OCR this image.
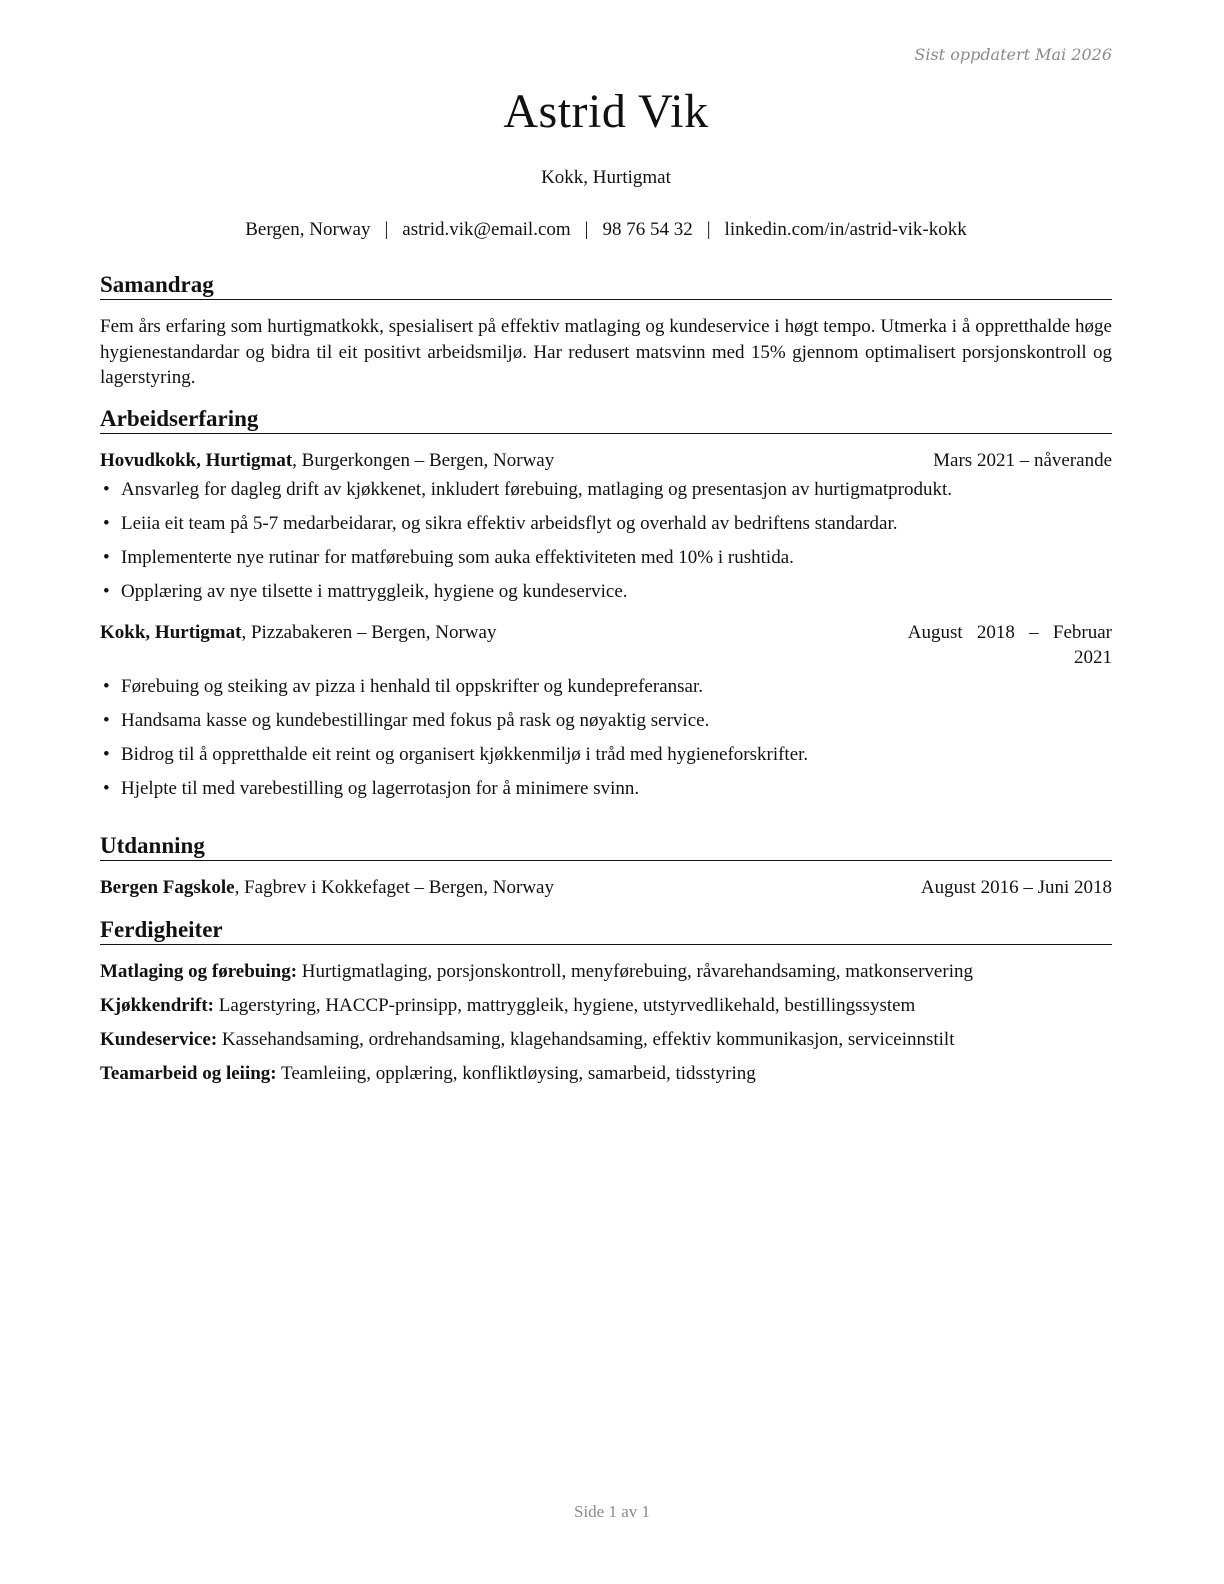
Sist oppdatert Mai 2026
Astrid Vik
Kokk, Hurtigmat
Bergen, Norway | astrid.vik@email.com | 98 76 54 32 | linkedin.com/in/astrid-vik-kokk
Samandrag
Fem års erfaring som hurtigmatkokk, spesialisert på effektiv matlaging og kundeservice i høgt tempo. Utmerka i å oppretthalde høge hygienestandardar og bidra til eit positivt arbeidsmiljø. Har redusert matsvinn med 15% gjennom optimalisert porsjonskontroll og lagerstyring.
Arbeidserfaring
Hovudkokk, Hurtigmat, Burgerkongen – Bergen, Norway	Mars 2021 – nåverande
• Ansvarleg for dagleg drift av kjøkkenet, inkludert førebuing, matlaging og presentasjon av hurtigmatprodukt.
• Leiia eit team på 5-7 medarbeidarar, og sikra effektiv arbeidsflyt og overhald av bedriftens standardar.
• Implementerte nye rutinar for matførebuing som auka effektiviteten med 10% i rushtida.
• Opplæring av nye tilsette i mattryggleik, hygiene og kundeservice.
Kokk, Hurtigmat, Pizzabakeren – Bergen, Norway	August   2018   –   Februar
2021
• Førebuing og steiking av pizza i henhald til oppskrifter og kundepreferansar.
• Handsama kasse og kundebestillingar med fokus på rask og nøyaktig service.
• Bidrog til å oppretthalde eit reint og organisert kjøkkenmiljø i tråd med hygieneforskrifter.
• Hjelpte til med varebestilling og lagerrotasjon for å minimere svinn.
Utdanning
Bergen Fagskole, Fagbrev i Kokkefaget – Bergen, Norway	August 2016 – Juni 2018
Ferdigheiter
Matlaging og førebuing: Hurtigmatlaging, porsjonskontroll, menyførebuing, råvarehandsaming, matkonservering
Kjøkkendrift: Lagerstyring, HACCP-prinsipp, mattryggleik, hygiene, utstyrvedlikehald, bestillingssystem
Kundeservice: Kassehandsaming, ordrehandsaming, klagehandsaming, effektiv kommunikasjon, serviceinnstilt
Teamarbeid og leiing: Teamleiing, opplæring, konfliktløysing, samarbeid, tidsstyring
Side 1 av 1
